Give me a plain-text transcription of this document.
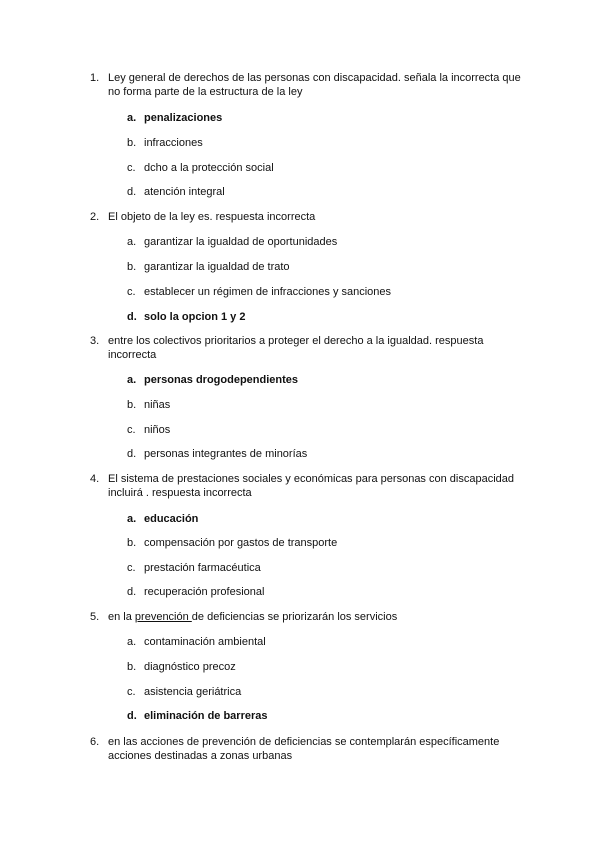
1. Ley general de derechos de las personas con discapacidad. señala la incorrecta que no forma parte de la estructura de la ley
a. penalizaciones
b. infracciones
c. dcho a la protección social
d. atención integral
2. El objeto de la ley es. respuesta incorrecta
a. garantizar la igualdad de oportunidades
b. garantizar la igualdad de trato
c. establecer un régimen de infracciones y sanciones
d. solo la opcion 1 y 2
3. entre los colectivos prioritarios a proteger el derecho a la igualdad. respuesta incorrecta
a. personas drogodependientes
b. niñas
c. niños
d. personas integrantes de minorías
4. El sistema de prestaciones sociales y económicas para personas con discapacidad incluirá . respuesta incorrecta
a. educación
b. compensación por gastos de transporte
c. prestación farmacéutica
d. recuperación profesional
5. en la prevención de deficiencias se priorizarán los servicios
a. contaminación ambiental
b. diagnóstico precoz
c. asistencia geriátrica
d. eliminación de barreras
6. en las acciones de prevención de deficiencias se contemplarán específicamente acciones destinadas a zonas urbanas
